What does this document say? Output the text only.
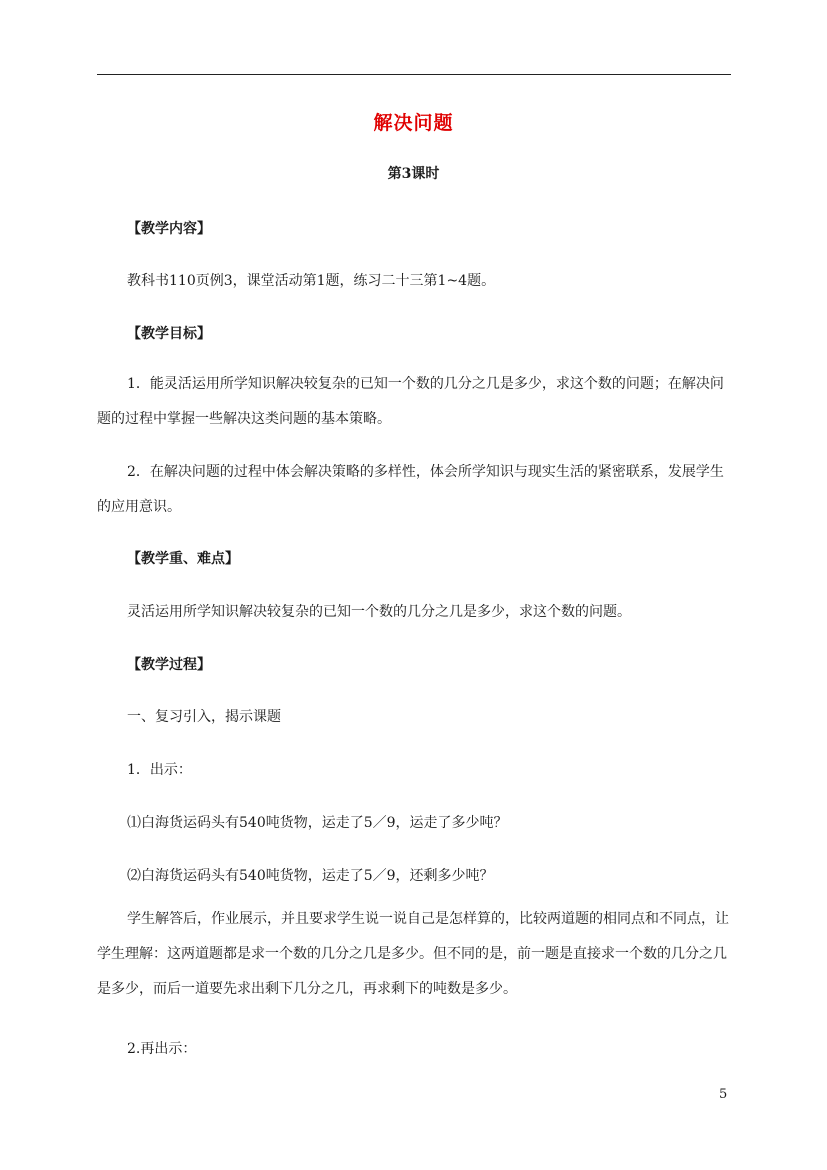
解决问题
第3课时
【教学内容】
教科书110页例3，课堂活动第1题，练习二十三第1~4题。
【教学目标】
1．能灵活运用所学知识解决较复杂的已知一个数的几分之几是多少，求这个数的问题；在解决问题的过程中掌握一些解决这类问题的基本策略。
2．在解决问题的过程中体会解决策略的多样性，体会所学知识与现实生活的紧密联系，发展学生的应用意识。
【教学重、难点】
灵活运用所学知识解决较复杂的已知一个数的几分之几是多少，求这个数的问题。
【教学过程】
一、复习引入，揭示课题
1．出示：
⑴白海货运码头有540吨货物，运走了5／9，运走了多少吨？
⑵白海货运码头有540吨货物，运走了5／9，还剩多少吨？
学生解答后，作业展示，并且要求学生说一说自己是怎样算的，比较两道题的相同点和不同点，让学生理解：这两道题都是求一个数的几分之几是多少。但不同的是，前一题是直接求一个数的几分之几是多少，而后一道要先求出剩下几分之几，再求剩下的吨数是多少。
2.再出示：
5
